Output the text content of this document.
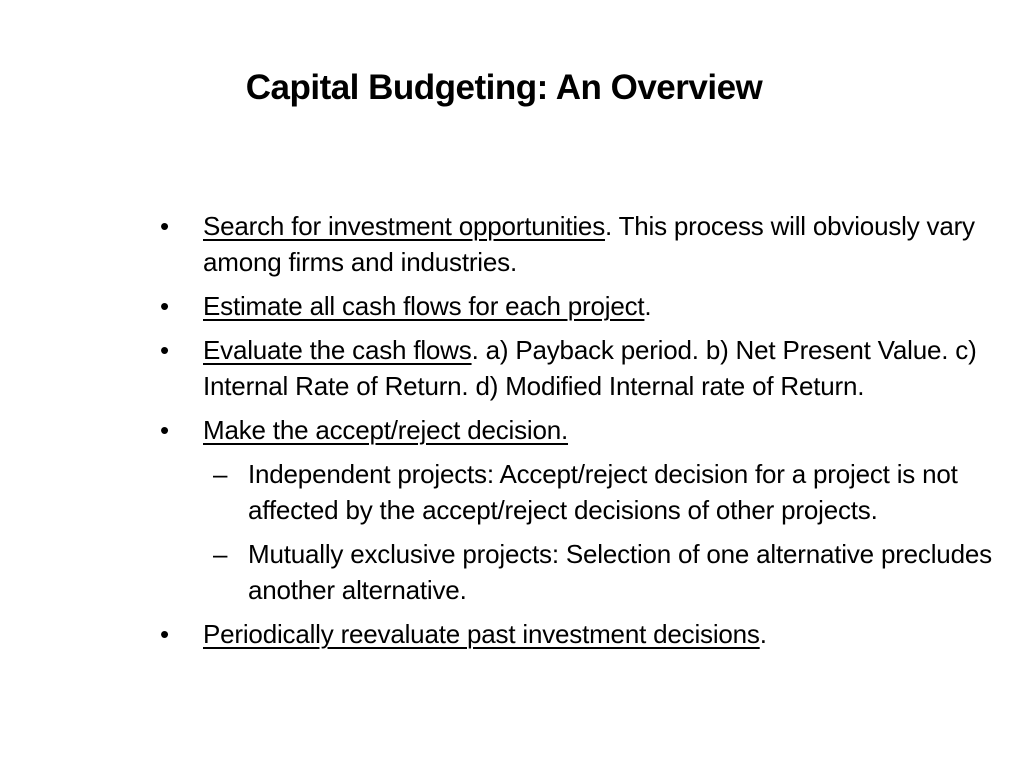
Capital Budgeting: An Overview
•	Search for investment opportunities. This process will obviously vary among firms and industries.
•	Estimate all cash flows for each project.
•	Evaluate the cash flows. a) Payback period. b) Net Present Value. c) Internal Rate of Return. d) Modified Internal rate of Return.
•	Make the accept/reject decision.
– Independent projects: Accept/reject decision for a project is not affected by the accept/reject decisions of other projects.
– Mutually exclusive projects: Selection of one alternative precludes another alternative.
•	Periodically reevaluate past investment decisions.
